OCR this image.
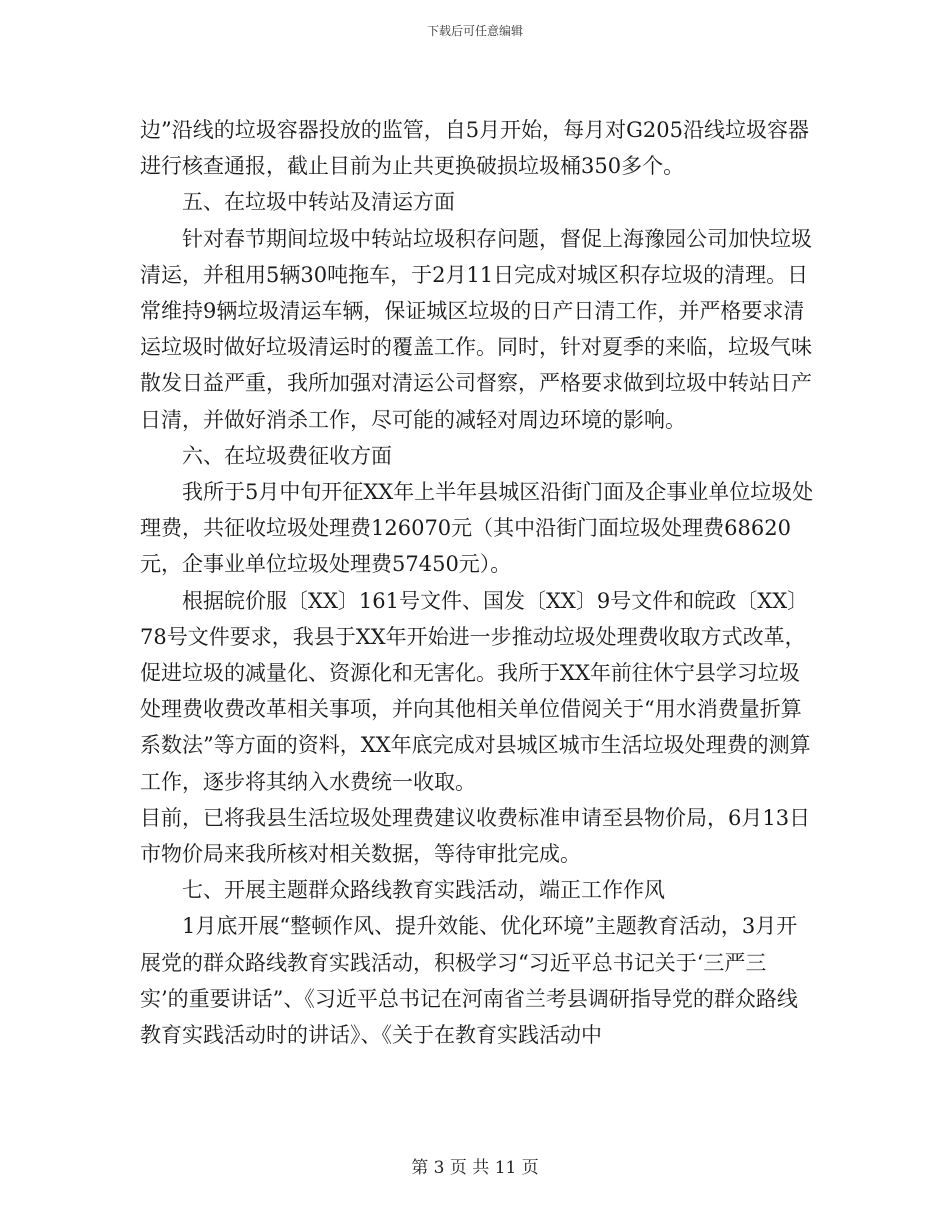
下载后可任意编辑

边”沿线的垃圾容器投放的监管，自5月开始，每月对G205沿线垃圾容器进行核查通报，截止目前为止共更换破损垃圾桶350多个。

五、在垃圾中转站及清运方面

针对春节期间垃圾中转站垃圾积存问题，督促上海豫园公司加快垃圾清运，并租用5辆30吨拖车，于2月11日完成对城区积存垃圾的清理。日常维持9辆垃圾清运车辆，保证城区垃圾的日产日清工作，并严格要求清运垃圾时做好垃圾清运时的覆盖工作。同时，针对夏季的来临，垃圾气味散发日益严重，我所加强对清运公司督察，严格要求做到垃圾中转站日产日清，并做好消杀工作，尽可能的减轻对周边环境的影响。

六、在垃圾费征收方面

我所于5月中旬开征XX年上半年县城区沿街门面及企事业单位垃圾处理费，共征收垃圾处理费126070元（其中沿街门面垃圾处理费68620元，企事业单位垃圾处理费57450元）。

根据皖价服〔XX〕161号文件、国发〔XX〕9号文件和皖政〔XX〕78号文件要求，我县于XX年开始进一步推动垃圾处理费收取方式改革，促进垃圾的减量化、资源化和无害化。我所于XX年前往休宁县学习垃圾处理费收费改革相关事项，并向其他相关单位借阅关于“用水消费量折算系数法”等方面的资料，XX年底完成对县城区城市生活垃圾处理费的测算工作，逐步将其纳入水费统一收取。

目前，已将我县生活垃圾处理费建议收费标准申请至县物价局，6月13日市物价局来我所核对相关数据，等待审批完成。

七、开展主题群众路线教育实践活动，端正工作作风

1月底开展“整顿作风、提升效能、优化环境”主题教育活动，3月开展党的群众路线教育实践活动，积极学习“习近平总书记关于‘三严三实’的重要讲话”、《习近平总书记在河南省兰考县调研指导党的群众路线教育实践活动时的讲话》、《关于在教育实践活动中

第 3 页 共 11 页
